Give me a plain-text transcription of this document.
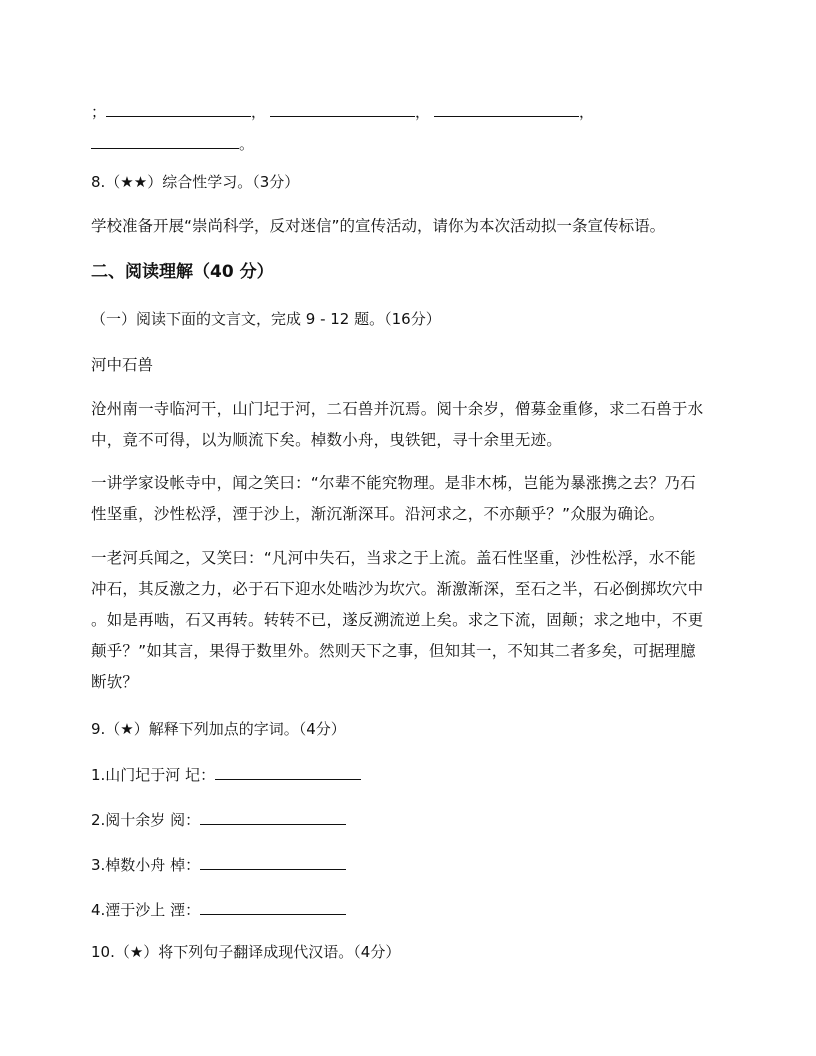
；	，	，	，
。
8.（★★）综合性学习。（3分）
学校准备开展“崇尚科学，反对迷信”的宣传活动，请你为本次活动拟一条宣传标语。
二、阅读理解（40 分）
（一）阅读下面的文言文，完成 9 - 12 题。（16分）
河中石兽
沧州南一寺临河干，山门圮于河，二石兽并沉焉。阅十余岁，僧募金重修，求二石兽于水
中，竟不可得，以为顺流下矣。棹数小舟，曳铁钯，寻十余里无迹。
一讲学家设帐寺中，闻之笑曰：“尔辈不能究物理。是非木柹，岂能为暴涨携之去？乃石
性坚重，沙性松浮，湮于沙上，渐沉渐深耳。沿河求之，不亦颠乎？”众服为确论。
一老河兵闻之，又笑曰：“凡河中失石，当求之于上流。盖石性坚重，沙性松浮，水不能
冲石，其反激之力，必于石下迎水处啮沙为坎穴。渐激渐深，至石之半，石必倒掷坎穴中
。如是再啮，石又再转。转转不已，遂反溯流逆上矣。求之下流，固颠；求之地中，不更
颠乎？”如其言，果得于数里外。然则天下之事，但知其一，不知其二者多矣，可据理臆
断欤？
9.（★）解释下列加点的字词。（4分）
1.山门圮于河 圮：
2.阅十余岁 阅：
3.棹数小舟 棹：
4.湮于沙上 湮：
10.（★）将下列句子翻译成现代汉语。（4分）
